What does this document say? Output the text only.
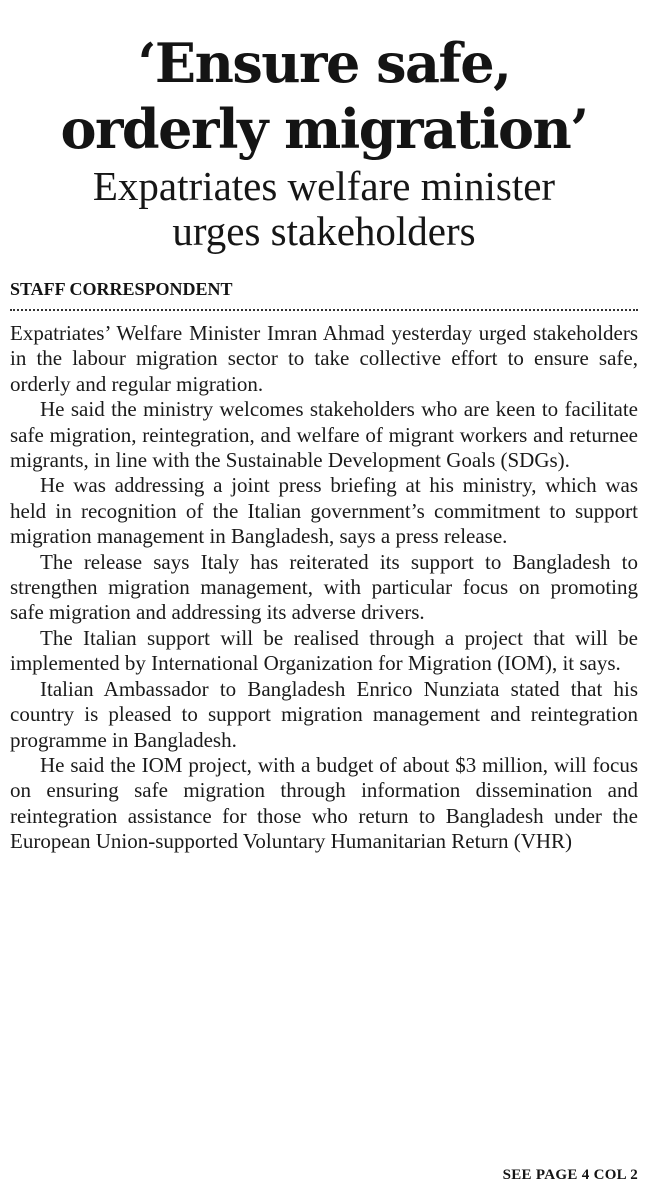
‘Ensure safe,
orderly migration’
Expatriates welfare minister
urges stakeholders
STAFF CORRESPONDENT

Expatriates’ Welfare Minister Imran Ahmad yesterday urged stakeholders in the labour migration sector to take collective effort to ensure safe, orderly and regular migration.

He said the ministry welcomes stakeholders who are keen to facilitate safe migration, reintegration, and welfare of migrant workers and returnee migrants, in line with the Sustainable Development Goals (SDGs).

He was addressing a joint press briefing at his ministry, which was held in recognition of the Italian government’s commitment to support migration management in Bangladesh, says a press release.

The release says Italy has reiterated its support to Bangladesh to strengthen migration management, with particular focus on promoting safe migration and addressing its adverse drivers.

The Italian support will be realised through a project that will be implemented by International Organization for Migration (IOM), it says.

Italian Ambassador to Bangladesh Enrico Nunziata stated that his country is pleased to support migration management and reintegration programme in Bangladesh.

He said the IOM project, with a budget of about $3 million, will focus on ensuring safe migration through information dissemination and reintegration assistance for those who return to Bangladesh under the European Union-supported Voluntary Humanitarian Return (VHR)

SEE PAGE 4 COL 2
